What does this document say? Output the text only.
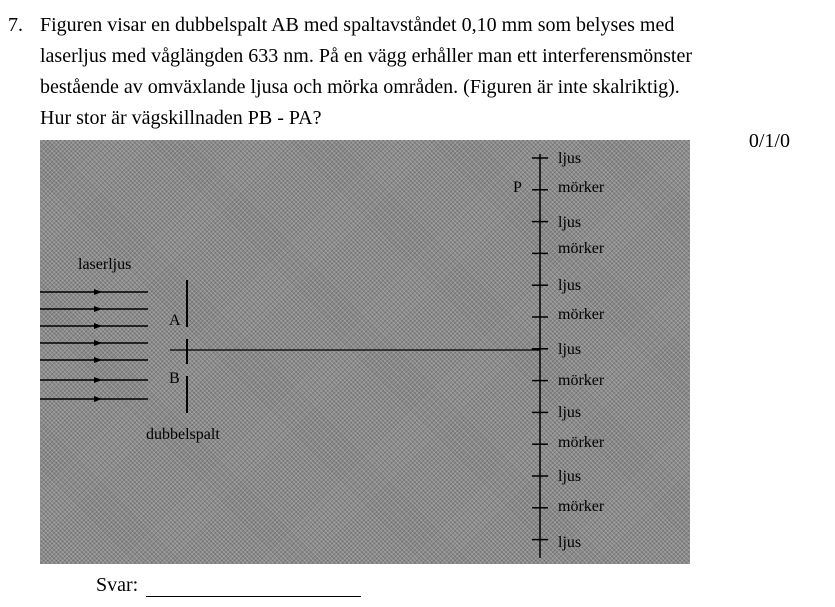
7. Figuren visar en dubbelspalt AB med spaltavståndet 0,10 mm som belyses med
laserljus med våglängden 633 nm. På en vägg erhåller man ett interferensmönster
bestående av omväxlande ljusa och mörka områden. (Figuren är inte skalriktig).
Hur stor är vägskillnaden PB - PA?
0/1/0
laserljus
dubbelspalt
A
B
P
ljus
mörker
ljus
mörker
ljus
mörker
ljus
mörker
ljus
mörker
ljus
mörker
ljus
Svar:
